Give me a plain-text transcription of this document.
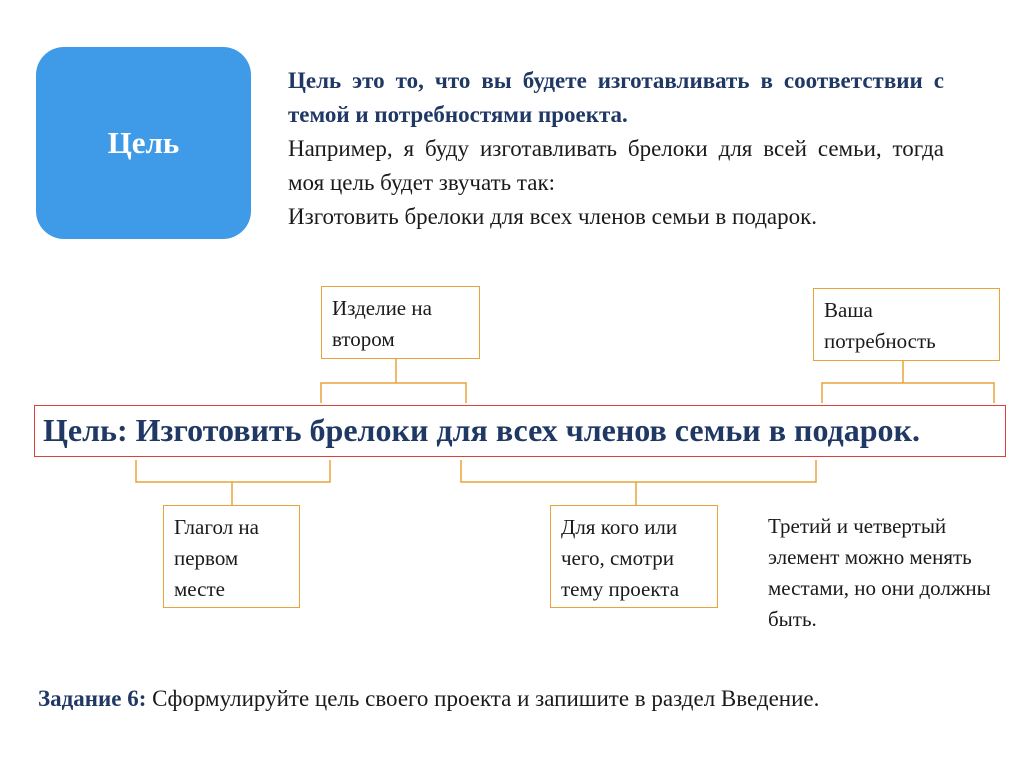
Цель

Цель это то, что вы будете изготавливать в соответствии с темой и потребностями проекта.

Например, я буду изготавливать брелоки для всей семьи, тогда моя цель будет звучать так:

Изготовить брелоки для всех членов семьи в подарок.

Изделие на втором
Ваша потребность
Цель: Изготовить брелоки для всех членов семьи в подарок.
Глагол на первом месте
Для кого или чего, смотри тему проекта
Третий и четвертый элемент можно менять местами, но они должны быть.
Задание 6: Сформулируйте цель своего проекта и запишите в раздел Введение.
